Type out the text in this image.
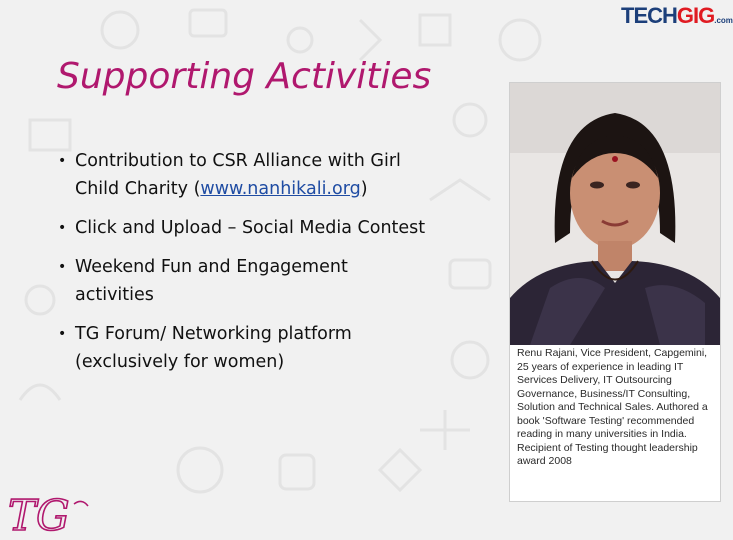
TECHGIG.com
Supporting Activities
• Contribution to CSR Alliance with Girl Child Charity (www.nanhikali.org)
• Click and Upload – Social Media Contest
• Weekend Fun and Engagement activities
• TG Forum/ Networking platform (exclusively for women)	Renu Rajani, Vice President, Capgemini, 25 years of experience in leading IT Services Delivery, IT Outsourcing Governance, Business/IT Consulting, Solution and Technical Sales. Authored a book 'Software Testing' recommended reading in many universities in India. Recipient of Testing thought leadership award 2008

TG
